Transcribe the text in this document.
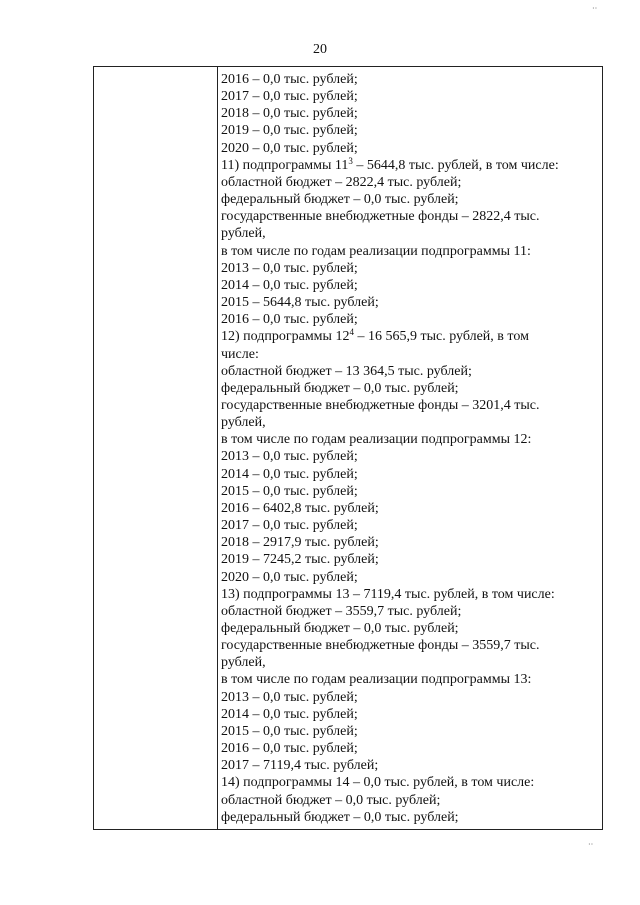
20
2016 – 0,0 тыс. рублей;
2017 – 0,0 тыс. рублей;
2018 – 0,0 тыс. рублей;
2019 – 0,0 тыс. рублей;
2020 – 0,0 тыс. рублей;
11) подпрограммы $11^3 - 5644,8$ тыс. рублей, в том числе:
областной бюджет – 2822,4 тыс. рублей;
федеральный бюджет – 0,0 тыс. рублей;
государственные внебюджетные фонды – 2822,4 тыс.
рублей,
в том числе по годам реализации подпрограммы 11:
2013 – 0,0 тыс. рублей;
2014 – 0,0 тыс. рублей;
2015 – 5644,8 тыс. рублей;
2016 – 0,0 тыс. рублей;
12) подпрограммы $12^4 - 16$ 565,9 тыс. рублей, в том
числе:
областной бюджет – 13 364,5 тыс. рублей;
федеральный бюджет – 0,0 тыс. рублей;
государственные внебюджетные фонды – 3201,4 тыс.
рублей,
в том числе по годам реализации подпрограммы 12:
2013 – 0,0 тыс. рублей;
2014 – 0,0 тыс. рублей;
2015 – 0,0 тыс. рублей;
2016 – 6402,8 тыс. рублей;
2017 – 0,0 тыс. рублей;
2018 – 2917,9 тыс. рублей;
2019 – 7245,2 тыс. рублей;
2020 – 0,0 тыс. рублей;
13) подпрограммы 13 – 7119,4 тыс. рублей, в том числе:
областной бюджет – 3559,7 тыс. рублей;
федеральный бюджет – 0,0 тыс. рублей;
государственные внебюджетные фонды – 3559,7 тыс.
рублей,
в том числе по годам реализации подпрограммы 13:
2013 – 0,0 тыс. рублей;
2014 – 0,0 тыс. рублей;
2015 – 0,0 тыс. рублей;
2016 – 0,0 тыс. рублей;
2017 – 7119,4 тыс. рублей;
14) подпрограммы 14 – 0,0 тыс. рублей, в том числе:
областной бюджет – 0,0 тыс. рублей;
федеральный бюджет – 0,0 тыс. рублей;
··
··
